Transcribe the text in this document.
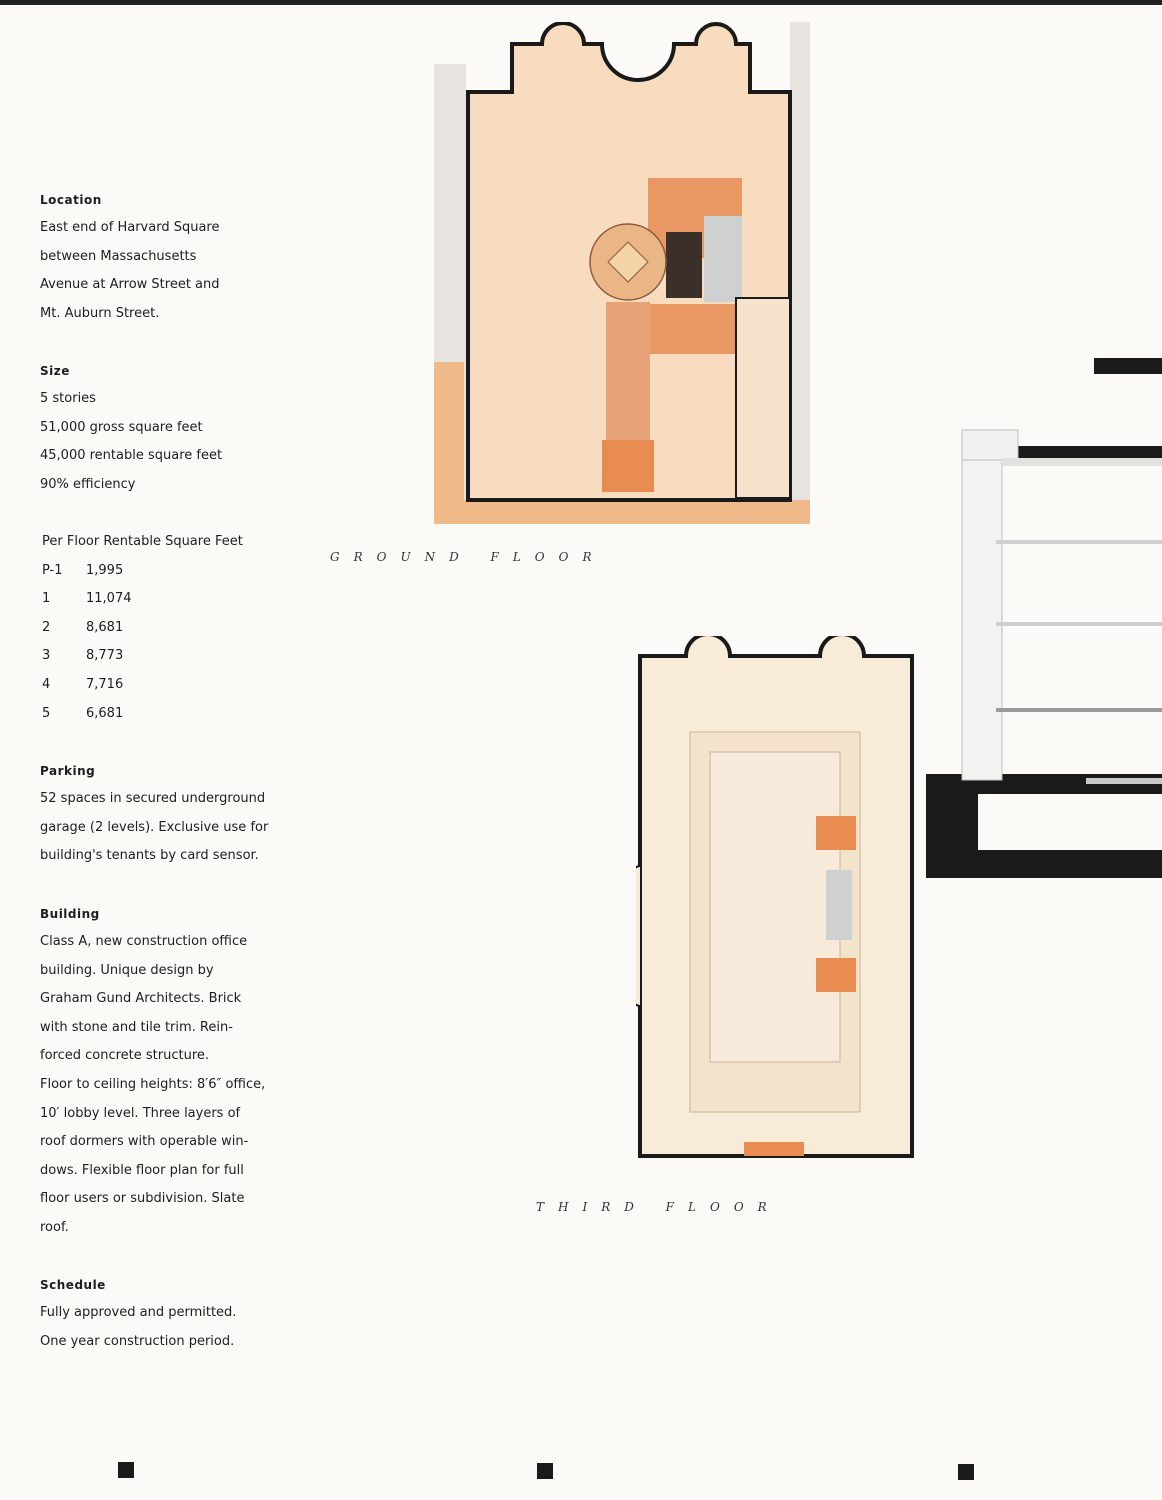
Location
East end of Harvard Square
between Massachusetts
Avenue at Arrow Street and
Mt. Auburn Street.
Size
5 stories
51,000 gross square feet
45,000 rentable square feet
90% efficiency
Per Floor Rentable Square Feet
P-1	1,995
1	11,074
2	8,681
3	8,773
4	7,716
5	6,681
Parking
52 spaces in secured underground
garage (2 levels). Exclusive use for
building's tenants by card sensor.
Building
Class A, new construction office
building. Unique design by
Graham Gund Architects. Brick
with stone and tile trim. Rein-
forced concrete structure.
Floor to ceiling heights: 8′6″ office,
10′ lobby level. Three layers of
roof dormers with operable win-
dows. Flexible floor plan for full
floor users or subdivision. Slate
roof.
Schedule
Fully approved and permitted.
One year construction period.
GROUND FLOOR
THIRD FLOOR
